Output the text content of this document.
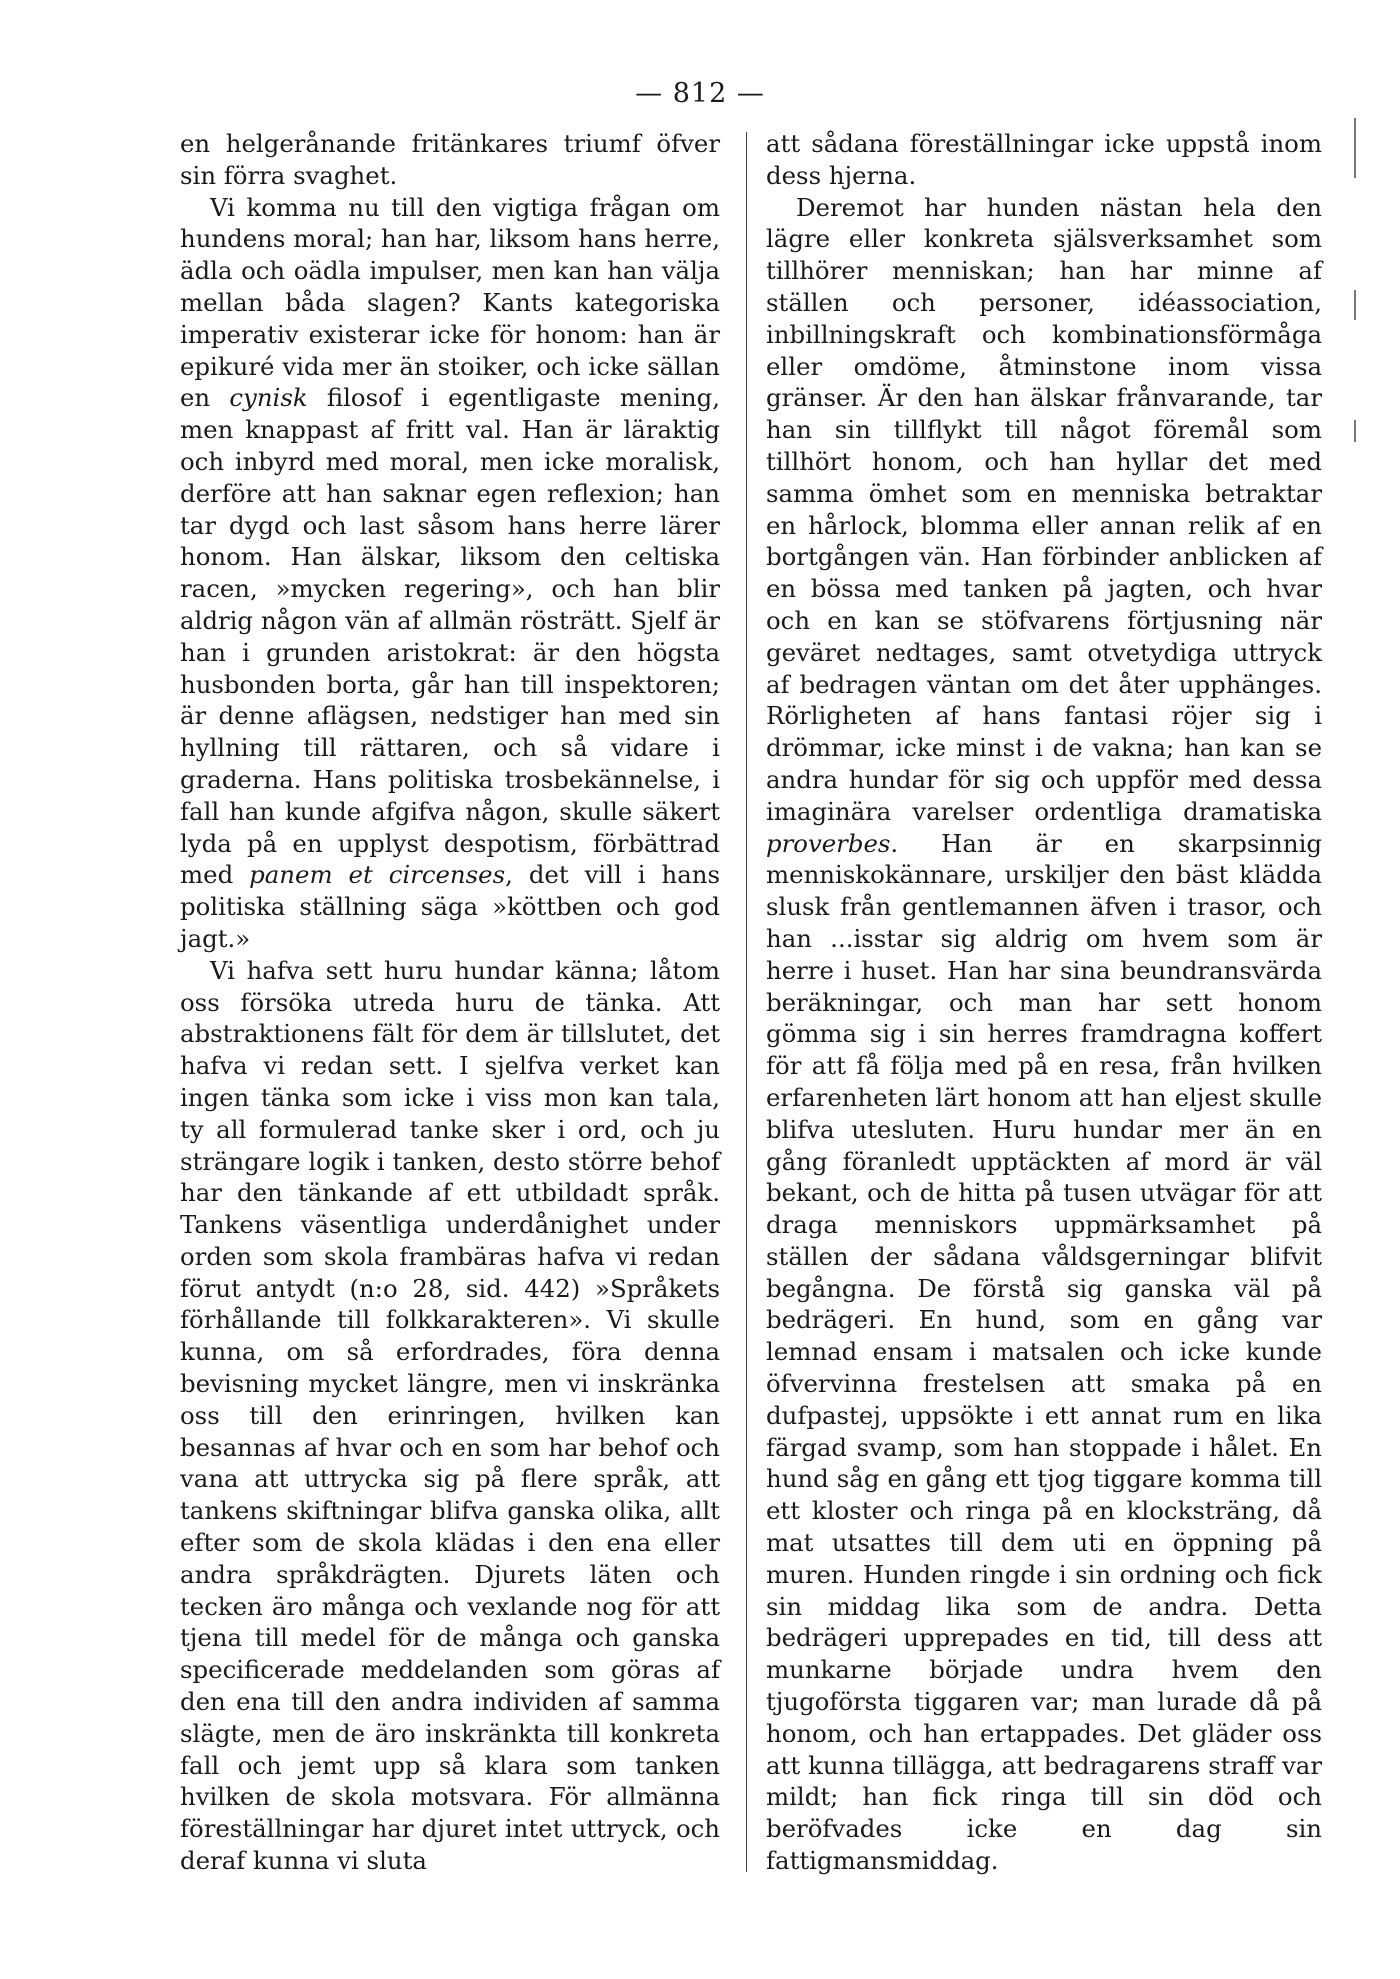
— 812 —

en helgerånande fritänkares triumf öfver sin förra svaghet.

Vi komma nu till den vigtiga frågan om hundens moral; han har, liksom hans herre, ädla och oädla impulser, men kan han välja mellan båda slagen? Kants kategoriska imperativ existerar icke för honom: han är epikuré vida mer än stoiker, och icke sällan en cynisk filosof i egentligaste mening, men knappast af fritt val. Han är läraktig och inbyrd med moral, men icke moralisk, derföre att han saknar egen reflexion; han tar dygd och last såsom hans herre lärer honom. Han älskar, liksom den celtiska racen, »mycken regering», och han blir aldrig någon vän af allmän rösträtt. Sjelf är han i grunden aristokrat: är den högsta husbonden borta, går han till inspektoren; är denne aflägsen, nedstiger han med sin hyllning till rättaren, och så vidare i graderna. Hans politiska trosbekännelse, i fall han kunde afgifva någon, skulle säkert lyda på en upplyst despotism, förbättrad med panem et circenses, det vill i hans politiska ställning säga »köttben och god jagt.»

Vi hafva sett huru hundar känna; låtom oss försöka utreda huru de tänka. Att abstraktionens fält för dem är tillslutet, det hafva vi redan sett. I sjelfva verket kan ingen tänka som icke i viss mon kan tala, ty all formulerad tanke sker i ord, och ju strängare logik i tanken, desto större behof har den tänkande af ett utbildadt språk. Tankens väsentliga underdånighet under orden som skola frambäras hafva vi redan förut antydt (n:o 28, sid. 442) »Språkets förhållande till folkkarakteren». Vi skulle kunna, om så erfordrades, föra denna bevisning mycket längre, men vi inskränka oss till den erinringen, hvilken kan besannas af hvar och en som har behof och vana att uttrycka sig på flere språk, att tankens skiftningar blifva ganska olika, allt efter som de skola klädas i den ena eller andra språkdrägten. Djurets läten och tecken äro många och vexlande nog för att tjena till medel för de många och ganska specificerade meddelanden som göras af den ena till den andra individen af samma slägte, men de äro inskränkta till konkreta fall och jemt upp så klara som tanken hvilken de skola motsvara. För allmänna föreställningar har djuret intet uttryck, och deraf kunna vi sluta

att sådana föreställningar icke uppstå inom dess hjerna.

Deremot har hunden nästan hela den lägre eller konkreta själsverksamhet som tillhörer menniskan; han har minne af ställen och personer, idéassociation, inbillningskraft och kombinationsförmåga eller omdöme, åtminstone inom vissa gränser. Är den han älskar frånvarande, tar han sin tillflykt till något föremål som tillhört honom, och han hyllar det med samma ömhet som en menniska betraktar en hårlock, blomma eller annan relik af en bortgången vän. Han förbinder anblicken af en bössa med tanken på jagten, och hvar och en kan se stöfvarens förtjusning när geväret nedtages, samt otvetydiga uttryck af bedragen väntan om det åter upphänges. Rörligheten af hans fantasi röjer sig i drömmar, icke minst i de vakna; han kan se andra hundar för sig och uppför med dessa imaginära varelser ordentliga dramatiska proverbes. Han är en skarpsinnig menniskokännare, urskiljer den bäst klädda slusk från gentlemannen äfven i trasor, och han ...isstar sig aldrig om hvem som är herre i huset. Han har sina beundransvärda beräkningar, och man har sett honom gömma sig i sin herres framdragna koffert för att få följa med på en resa, från hvilken erfarenheten lärt honom att han eljest skulle blifva utesluten. Huru hundar mer än en gång föranledt upptäckten af mord är väl bekant, och de hitta på tusen utvägar för att draga menniskors uppmärksamhet på ställen der sådana våldsgerningar blifvit begångna. De förstå sig ganska väl på bedrägeri. En hund, som en gång var lemnad ensam i matsalen och icke kunde öfvervinna frestelsen att smaka på en dufpastej, uppsökte i ett annat rum en lika färgad svamp, som han stoppade i hålet. En hund såg en gång ett tjog tiggare komma till ett kloster och ringa på en klocksträng, då mat utsattes till dem uti en öppning på muren. Hunden ringde i sin ordning och fick sin middag lika som de andra. Detta bedrägeri upprepades en tid, till dess att munkarne började undra hvem den tjugoförsta tiggaren var; man lurade då på honom, och han ertappades. Det gläder oss att kunna tillägga, att bedragarens straff var mildt; han fick ringa till sin död och beröfvades icke en dag sin fattigmansmiddag.
